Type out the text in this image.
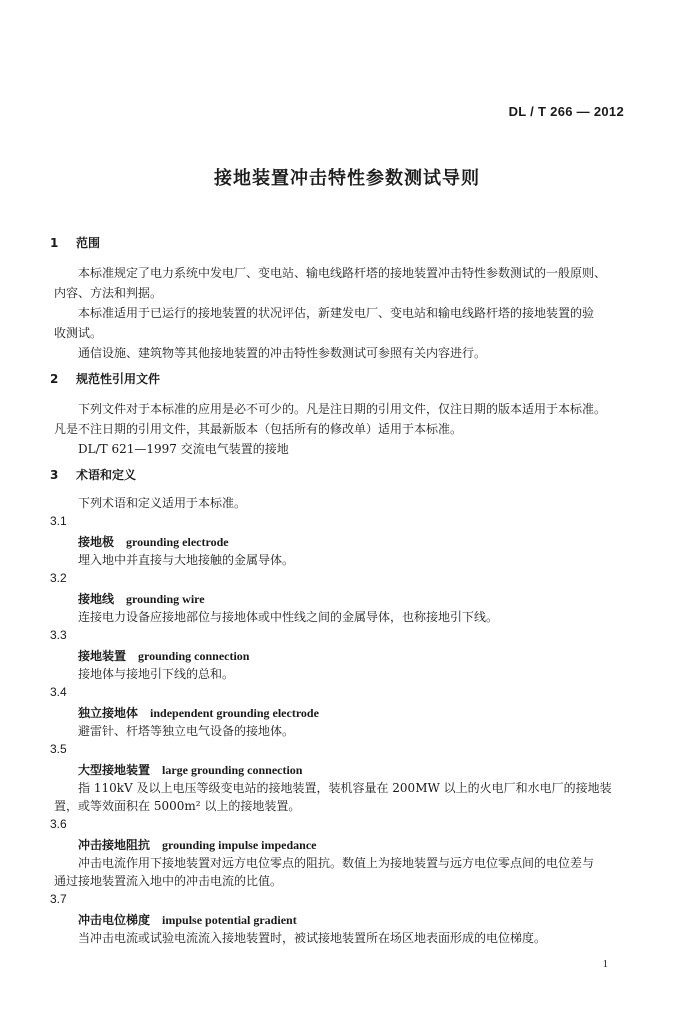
DL / T 266 — 2012
接地装置冲击特性参数测试导则
1 范围
本标准规定了电力系统中发电厂、变电站、输电线路杆塔的接地装置冲击特性参数测试的一般原则、
内容、方法和判据。
本标准适用于已运行的接地装置的状况评估，新建发电厂、变电站和输电线路杆塔的接地装置的验
收测试。
通信设施、建筑物等其他接地装置的冲击特性参数测试可参照有关内容进行。
2 规范性引用文件
下列文件对于本标准的应用是必不可少的。凡是注日期的引用文件，仅注日期的版本适用于本标准。
凡是不注日期的引用文件，其最新版本（包括所有的修改单）适用于本标准。
DL/T 621—1997 交流电气装置的接地
3 术语和定义
下列术语和定义适用于本标准。
3.1
接地极 grounding electrode
埋入地中并直接与大地接触的金属导体。
3.2
接地线 grounding wire
连接电力设备应接地部位与接地体或中性线之间的金属导体，也称接地引下线。
3.3
接地装置 grounding connection
接地体与接地引下线的总和。
3.4
独立接地体 independent grounding electrode
避雷针、杆塔等独立电气设备的接地体。
3.5
大型接地装置 large grounding connection
指 110kV 及以上电压等级变电站的接地装置，装机容量在 200MW 以上的火电厂和水电厂的接地装
置，或等效面积在 5000m² 以上的接地装置。
3.6
冲击接地阻抗 grounding impulse impedance
冲击电流作用下接地装置对远方电位零点的阻抗。数值上为接地装置与远方电位零点间的电位差与
通过接地装置流入地中的冲击电流的比值。
3.7
冲击电位梯度 impulse potential gradient
当冲击电流或试验电流流入接地装置时，被试接地装置所在场区地表面形成的电位梯度。
1
